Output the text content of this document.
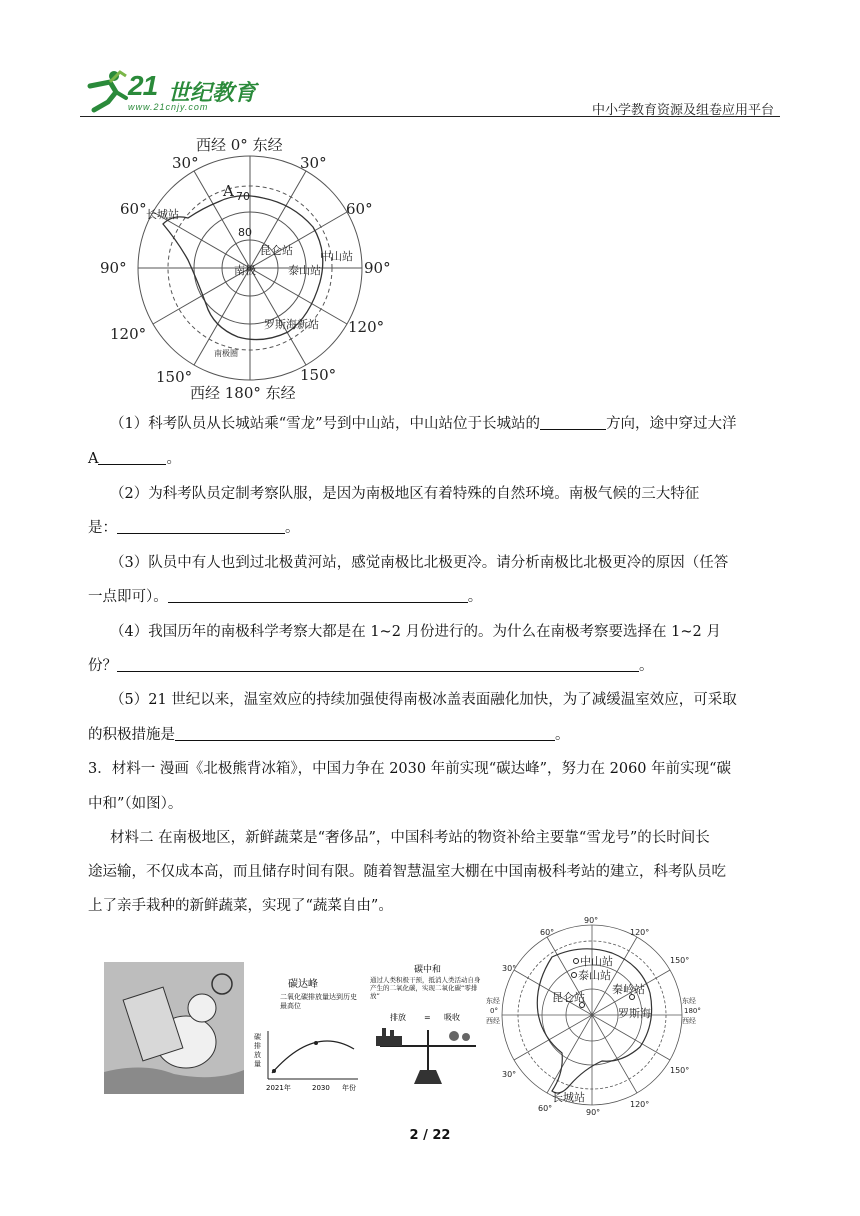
21 世纪教育
www.21cnjy.com	中小学教育资源及组卷应用平台
西经 0° 东经
30°	30°
60°	60°
90°	90°
120°	120°
150°	150°
西经 180° 东经
A 70
80
长城站
昆仑站 中山站
泰山站
南极
罗斯海新站
南极圈
（1）科考队员从长城站乘“雪龙”号到中山站，中山站位于长城站的	方向，途中穿过大洋
A	。
（2）为科考队员定制考察队服，是因为南极地区有着特殊的自然环境。南极气候的三大特征
是：	。
（3）队员中有人也到过北极黄河站，感觉南极比北极更冷。请分析南极比北极更冷的原因（任答
一点即可）。	。
（4）我国历年的南极科学考察大都是在 1~2 月份进行的。为什么在南极考察要选择在 1~2 月
份？	。
（5）21 世纪以来，温室效应的持续加强使得南极冰盖表面融化加快，为了减缓温室效应，可采取
的积极措施是	。
3．材料一 漫画《北极熊背冰箱》，中国力争在 2030 年前实现“碳达峰”，努力在 2060 年前实现“碳
中和”（如图）。
材料二 在南极地区，新鲜蔬菜是“奢侈品”，中国科考站的物资补给主要靠“雪龙号”的长时间长
途运输，不仅成本高，而且储存时间有限。随着智慧温室大棚在中国南极科考站的建立，科考队员吃
上了亲手栽种的新鲜蔬菜，实现了“蔬菜自由”。
碳达峰
二氧化碳排放量达到历史最高位
碳排放量
2021年	2030 年份
碳中和
通过人类积极干预，抵消人类活动自身产生的二氧化碳，实现二氧化碳“零排放”
排放 = 吸收
90°
120°
150°
60°
30°
东经
0°
西经
东经
180°
西经
30°	150°
60°	90°
120°
中山站
泰山站
昆仑站
秦岭站
罗斯海
长城站
2 / 22
